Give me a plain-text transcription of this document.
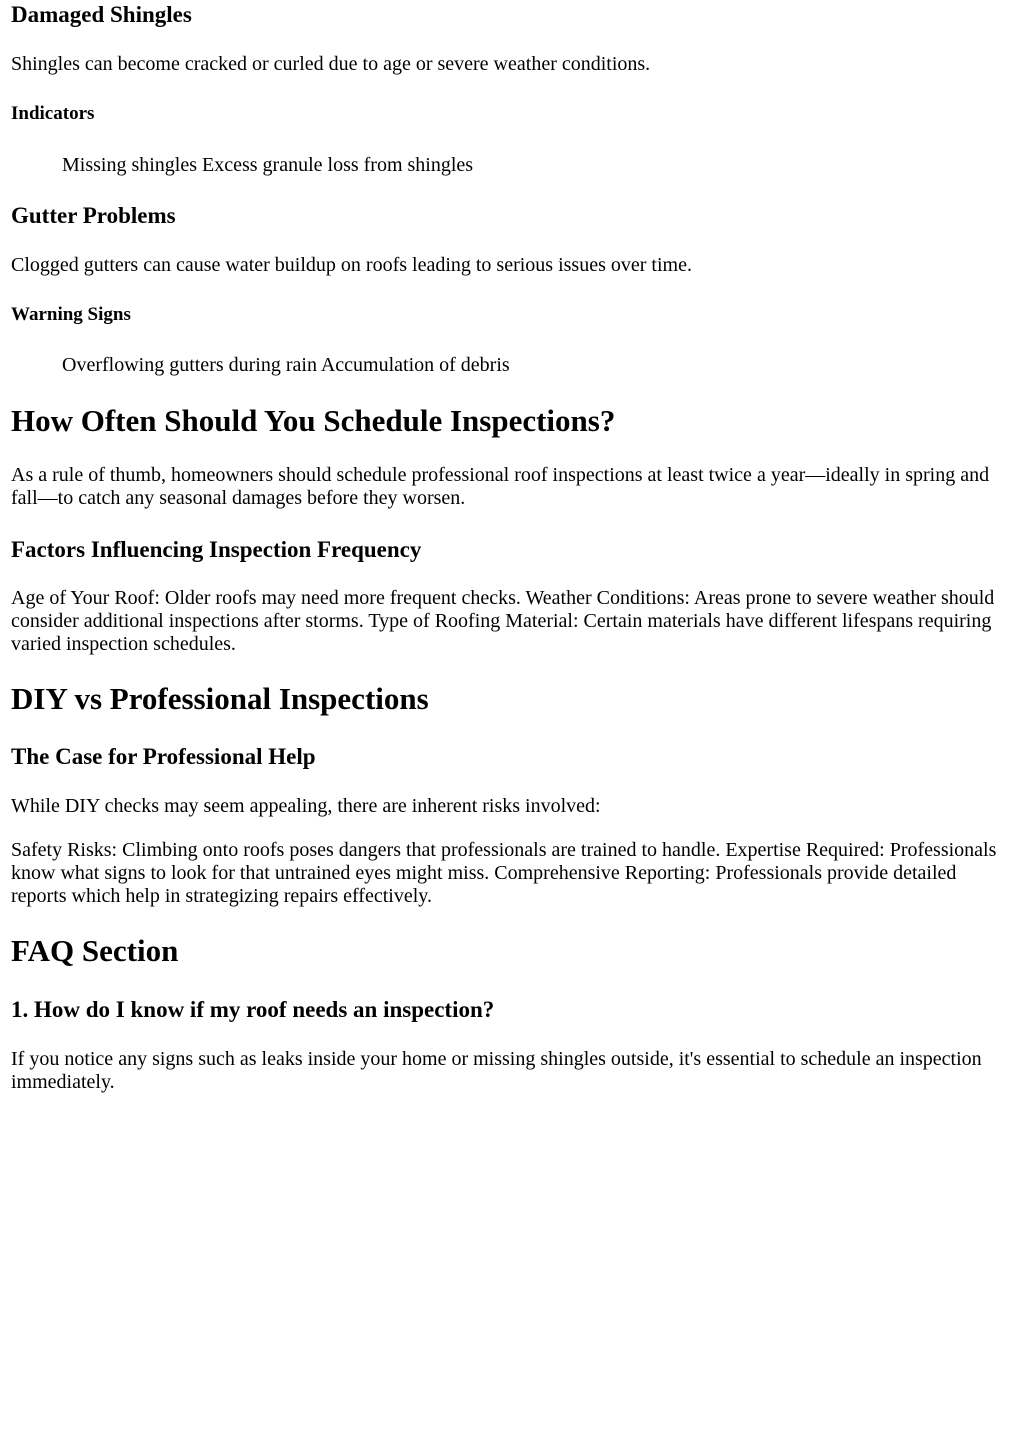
Damaged Shingles

Shingles can become cracked or curled due to age or severe weather conditions.

Indicators

Missing shingles Excess granule loss from shingles

Gutter Problems

Clogged gutters can cause water buildup on roofs leading to serious issues over time.

Warning Signs

Overflowing gutters during rain Accumulation of debris

How Often Should You Schedule Inspections?

As a rule of thumb, homeowners should schedule professional roof inspections at least twice a year—ideally in spring and fall—to catch any seasonal damages before they worsen.

Factors Influencing Inspection Frequency

Age of Your Roof: Older roofs may need more frequent checks. Weather Conditions: Areas prone to severe weather should consider additional inspections after storms. Type of Roofing Material: Certain materials have different lifespans requiring varied inspection schedules.

DIY vs Professional Inspections
The Case for Professional Help

While DIY checks may seem appealing, there are inherent risks involved:

Safety Risks: Climbing onto roofs poses dangers that professionals are trained to handle. Expertise Required: Professionals know what signs to look for that untrained eyes might miss. Comprehensive Reporting: Professionals provide detailed reports which help in strategizing repairs effectively.

FAQ Section
1. How do I know if my roof needs an inspection?

If you notice any signs such as leaks inside your home or missing shingles outside, it's essential to schedule an inspection immediately.
